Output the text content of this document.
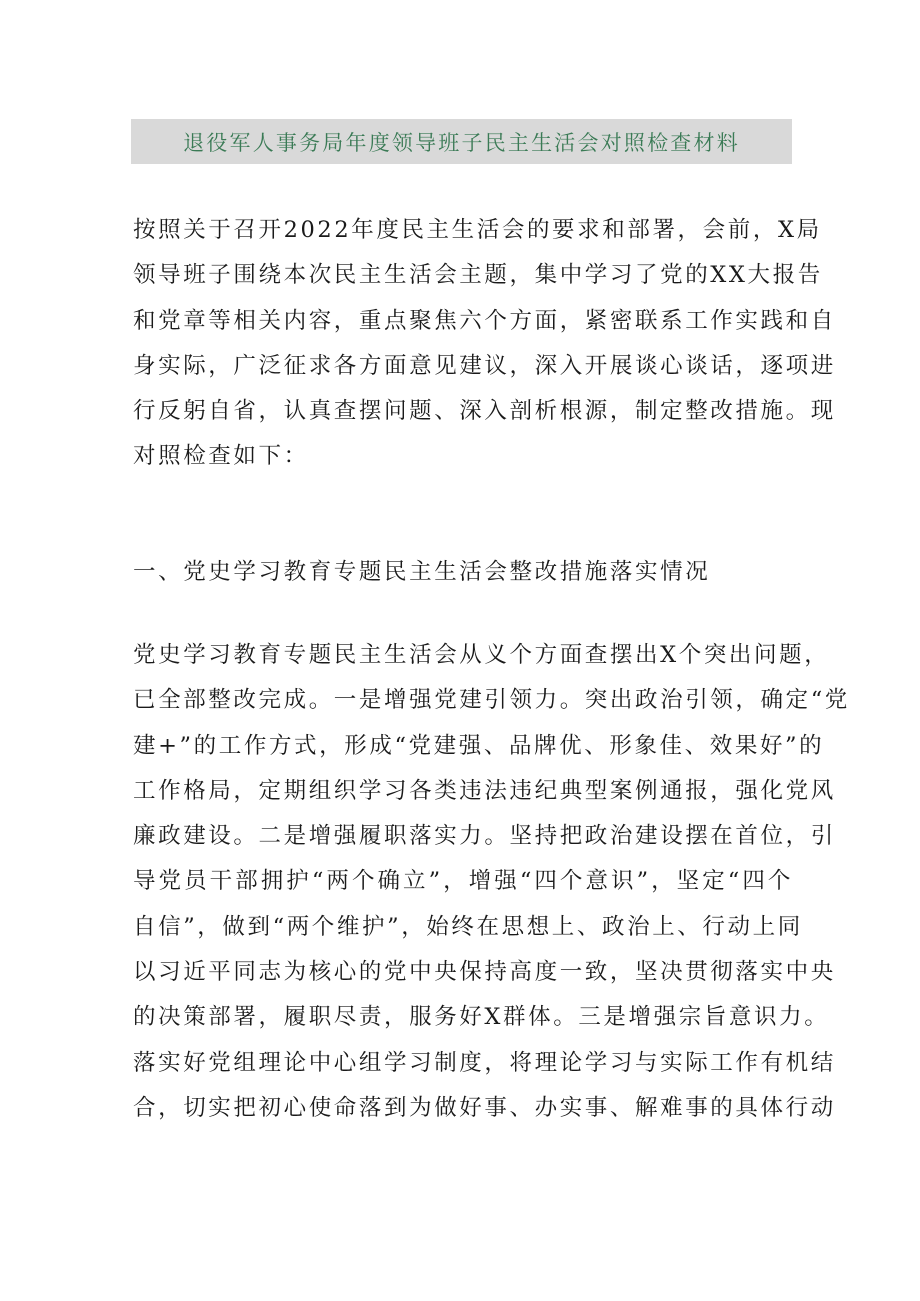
退役军人事务局年度领导班子民主生活会对照检查材料
按照关于召开2022年度民主生活会的要求和部署，会前，X局
领导班子围绕本次民主生活会主题，集中学习了党的XX大报告
和党章等相关内容，重点聚焦六个方面，紧密联系工作实践和自
身实际，广泛征求各方面意见建议，深入开展谈心谈话，逐项进
行反躬自省，认真查摆问题、深入剖析根源，制定整改措施。现
对照检查如下：
一、党史学习教育专题民主生活会整改措施落实情况
党史学习教育专题民主生活会从义个方面查摆出X个突出问题，
已全部整改完成。一是增强党建引领力。突出政治引领，确定“党
建+”的工作方式，形成“党建强、品牌优、形象佳、效果好”的
工作格局，定期组织学习各类违法违纪典型案例通报，强化党风
廉政建设。二是增强履职落实力。坚持把政治建设摆在首位，引
导党员干部拥护“两个确立”，增强“四个意识”，坚定“四个
自信”，做到“两个维护”，始终在思想上、政治上、行动上同
以习近平同志为核心的党中央保持高度一致，坚决贯彻落实中央
的决策部署，履职尽责，服务好X群体。三是增强宗旨意识力。
落实好党组理论中心组学习制度，将理论学习与实际工作有机结
合，切实把初心使命落到为做好事、办实事、解难事的具体行动
